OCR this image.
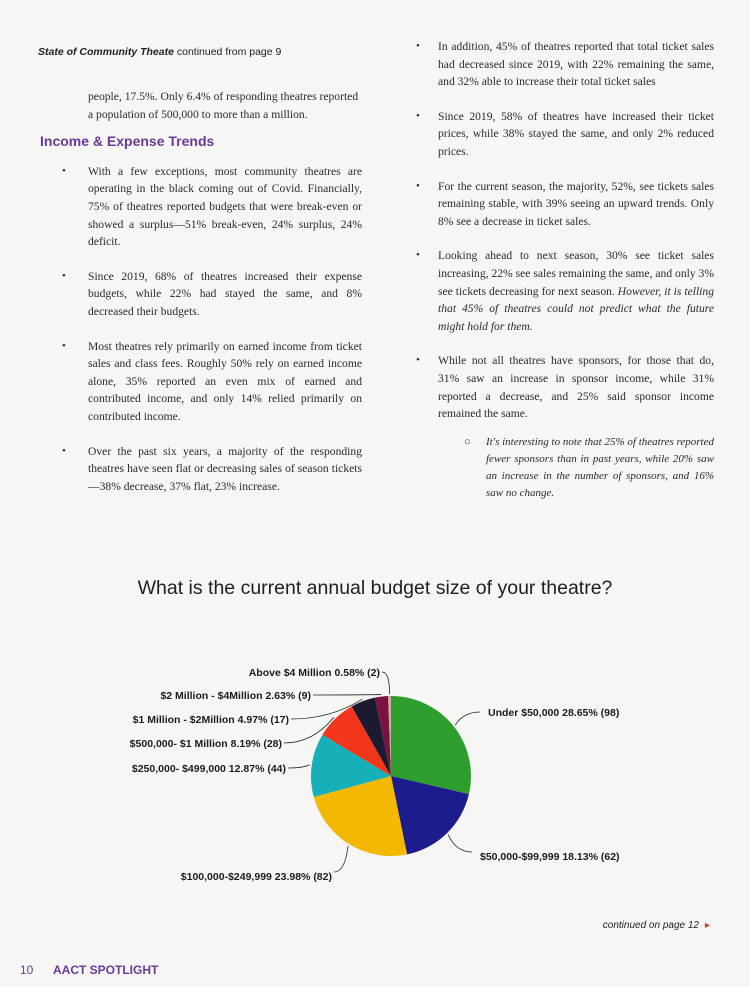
State of Community Theate continued from page 9

people, 17.5%. Only 6.4% of responding theatres reported a population of 500,000 to more than a million.

Income & Expense Trends
• With a few exceptions, most community theatres are operating in the black coming out of Covid. Financially, 75% of theatres reported budgets that were break-even or showed a surplus—51% break-even, 24% surplus, 24% deficit.
• Since 2019, 68% of theatres increased their expense budgets, while 22% had stayed the same, and 8% decreased their budgets.
• Most theatres rely primarily on earned income from ticket sales and class fees. Roughly 50% rely on earned income alone, 35% reported an even mix of earned and contributed income, and only 14% relied primarily on contributed income.
• Over the past six years, a majority of the responding theatres have seen flat or decreasing sales of season tickets—38% decrease, 37% flat, 23% increase.
• In addition, 45% of theatres reported that total ticket sales had decreased since 2019, with 22% remaining the same, and 32% able to increase their total ticket sales
• Since 2019, 58% of theatres have increased their ticket prices, while 38% stayed the same, and only 2% reduced prices.
• For the current season, the majority, 52%, see tickets sales remaining stable, with 39% seeing an upward trends. Only 8% see a decrease in ticket sales.
• Looking ahead to next season, 30% see ticket sales increasing, 22% see sales remaining the same, and only 3% see tickets decreasing for next season. However, it is telling that 45% of theatres could not predict what the future might hold for them.
• While not all theatres have sponsors, for those that do, 31% saw an increase in sponsor income, while 31% reported a decrease, and 25% said sponsor income remained the same.
○ It's interesting to note that 25% of theatres reported fewer sponsors than in past years, while 20% saw an increase in the number of sponsors, and 16% saw no change.
What is the current annual budget size of your theatre?
Under $50,000 28.65% (98)
$50,000-$99,999 18.13% (62)
$100,000-$249,999 23.98% (82)
$250,000- $499,000 12.87% (44)
$500,000- $1 Million 8.19% (28)
$1 Million - $2Million 4.97% (17)
$2 Million - $4Million 2.63% (9)
Above $4 Million 0.58% (2)
continued on page 12 ▸
10 AACT SPOTLIGHT
